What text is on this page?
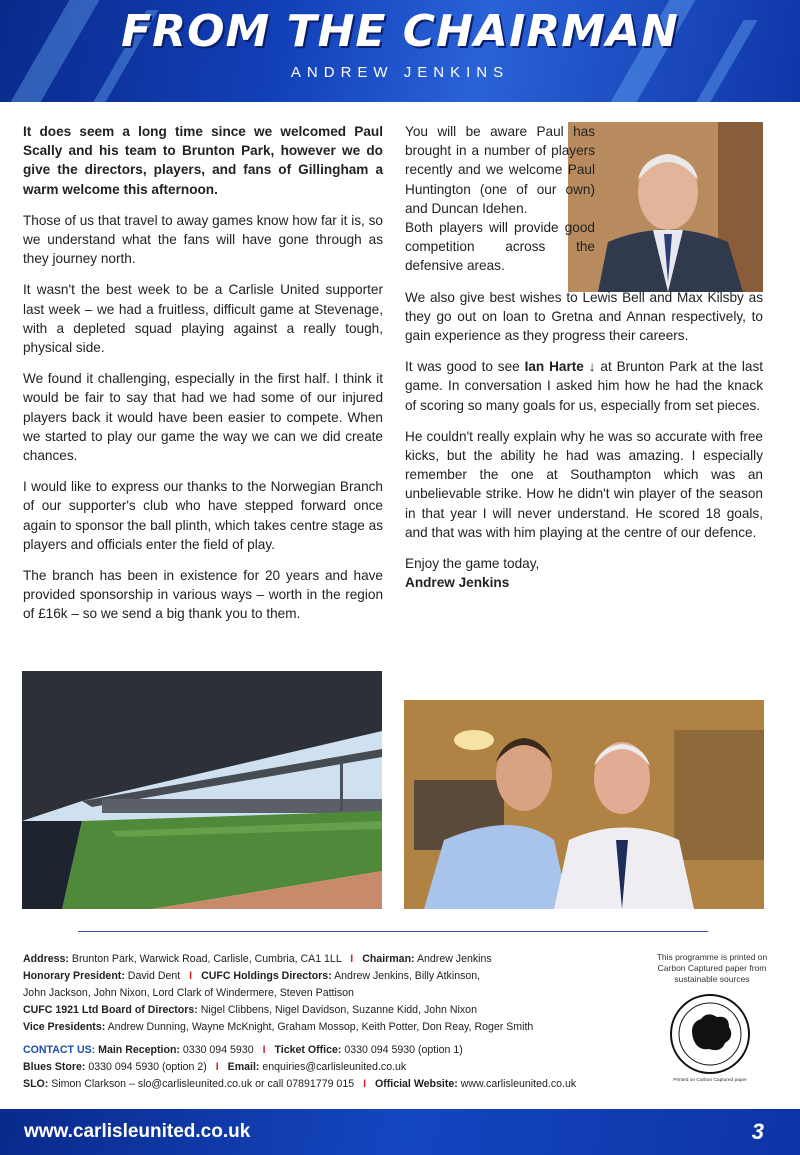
FROM THE CHAIRMAN
ANDREW JENKINS

It does seem a long time since we welcomed Paul Scally and his team to Brunton Park, however we do give the directors, players, and fans of Gillingham a warm welcome this afternoon.

Those of us that travel to away games know how far it is, so we understand what the fans will have gone through as they journey north.

It wasn't the best week to be a Carlisle United supporter last week – we had a fruitless, difficult game at Stevenage, with a depleted squad playing against a really tough, physical side.

We found it challenging, especially in the first half. I think it would be fair to say that had we had some of our injured players back it would have been easier to compete. When we started to play our game the way we can we did create chances.

I would like to express our thanks to the Norwegian Branch of our supporter's club who have stepped forward once again to sponsor the ball plinth, which takes centre stage as players and officials enter the field of play.

The branch has been in existence for 20 years and have provided sponsorship in various ways – worth in the region of £16k – so we send a big thank you to them.

You will be aware Paul has brought in a number of players recently and we welcome Paul Huntington (one of our own) and Duncan Idehen.

Both players will provide good competition across the defensive areas.

We also give best wishes to Lewis Bell and Max Kilsby as they go out on loan to Gretna and Annan respectively, to gain experience as they progress their careers.

It was good to see Ian Harte ↓ at Brunton Park at the last game. In conversation I asked him how he had the knack of scoring so many goals for us, especially from set pieces.

He couldn't really explain why he was so accurate with free kicks, but the ability he had was amazing. I especially remember the one at Southampton which was an unbelievable strike. How he didn't win player of the season in that year I will never understand. He scored 18 goals, and that was with him playing at the centre of our defence.

Enjoy the game today,

Andrew Jenkins

Address: Brunton Park, Warwick Road, Carlisle, Cumbria, CA1 1LL I Chairman: Andrew Jenkins
Honorary President: David Dent I CUFC Holdings Directors: Andrew Jenkins, Billy Atkinson,
John Jackson, John Nixon, Lord Clark of Windermere, Steven Pattison
CUFC 1921 Ltd Board of Directors: Nigel Clibbens, Nigel Davidson, Suzanne Kidd, John Nixon
Vice Presidents: Andrew Dunning, Wayne McKnight, Graham Mossop, Keith Potter, Don Reay, Roger Smith
CONTACT US: Main Reception: 0330 094 5930 I Ticket Office: 0330 094 5930 (option 1)
Blues Store: 0330 094 5930 (option 2) I Email: enquiries@carlisleunited.co.uk
SLO: Simon Clarkson – slo@carlisleunited.co.uk or call 07891779 015 I Official Website: www.carlisleunited.co.uk
This programme is printed on Carbon Captured paper from sustainable sources
Printed on Carbon Captured paper
www.carlisleunited.co.uk	3
